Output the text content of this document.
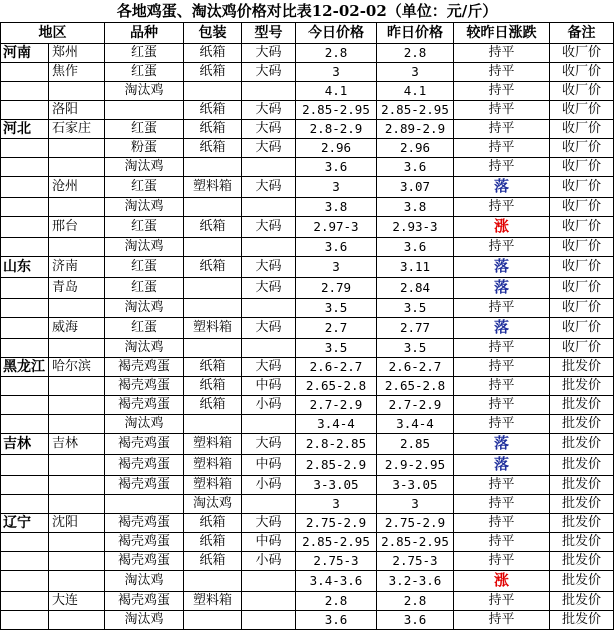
各地鸡蛋、淘汰鸡价格对比表12-02-02（单位：元/斤）
地区		品种	包装	型号	今日价格	昨日价格	较昨日涨跌	备注
河南	郑州	红蛋	纸箱	大码	2.8	2.8	持平	收厂价
	焦作	红蛋	纸箱	大码	3	3	持平	收厂价
		淘汰鸡			4.1	4.1	持平	收厂价
	洛阳		纸箱	大码	2.85-2.95	2.85-2.95	持平	收厂价
河北	石家庄	红蛋	纸箱	大码	2.8-2.9	2.89-2.9	持平	收厂价
		粉蛋	纸箱	大码	2.96	2.96	持平	收厂价
		淘汰鸡			3.6	3.6	持平	收厂价
	沧州	红蛋	塑料箱	大码	3	3.07	落	收厂价
		淘汰鸡			3.8	3.8	持平	收厂价
	邢台	红蛋	纸箱	大码	2.97-3	2.93-3	涨	收厂价
		淘汰鸡			3.6	3.6	持平	收厂价
山东	济南	红蛋	纸箱	大码	3	3.11	落	收厂价
	青岛	红蛋		大码	2.79	2.84	落	收厂价
		淘汰鸡			3.5	3.5	持平	收厂价
	威海	红蛋	塑料箱	大码	2.7	2.77	落	收厂价
		淘汰鸡			3.5	3.5	持平	收厂价
黑龙江	哈尔滨	褐壳鸡蛋	纸箱	大码	2.6-2.7	2.6-2.7	持平	批发价
		褐壳鸡蛋	纸箱	中码	2.65-2.8	2.65-2.8	持平	批发价
		褐壳鸡蛋	纸箱	小码	2.7-2.9	2.7-2.9	持平	批发价
		淘汰鸡			3.4-4	3.4-4	持平	批发价
吉林	吉林	褐壳鸡蛋	塑料箱	大码	2.8-2.85	2.85	落	批发价
		褐壳鸡蛋	塑料箱	中码	2.85-2.9	2.9-2.95	落	批发价
		褐壳鸡蛋	塑料箱	小码	3-3.05	3-3.05	持平	批发价
			淘汰鸡		3	3	持平	批发价
辽宁	沈阳	褐壳鸡蛋	纸箱	大码	2.75-2.9	2.75-2.9	持平	批发价
		褐壳鸡蛋	纸箱	中码	2.85-2.95	2.85-2.95	持平	批发价
		褐壳鸡蛋	纸箱	小码	2.75-3	2.75-3	持平	批发价
		淘汰鸡			3.4-3.6	3.2-3.6	涨	批发价
	大连	褐壳鸡蛋	塑料箱		2.8	2.8	持平	批发价
		淘汰鸡			3.6	3.6	持平	批发价
